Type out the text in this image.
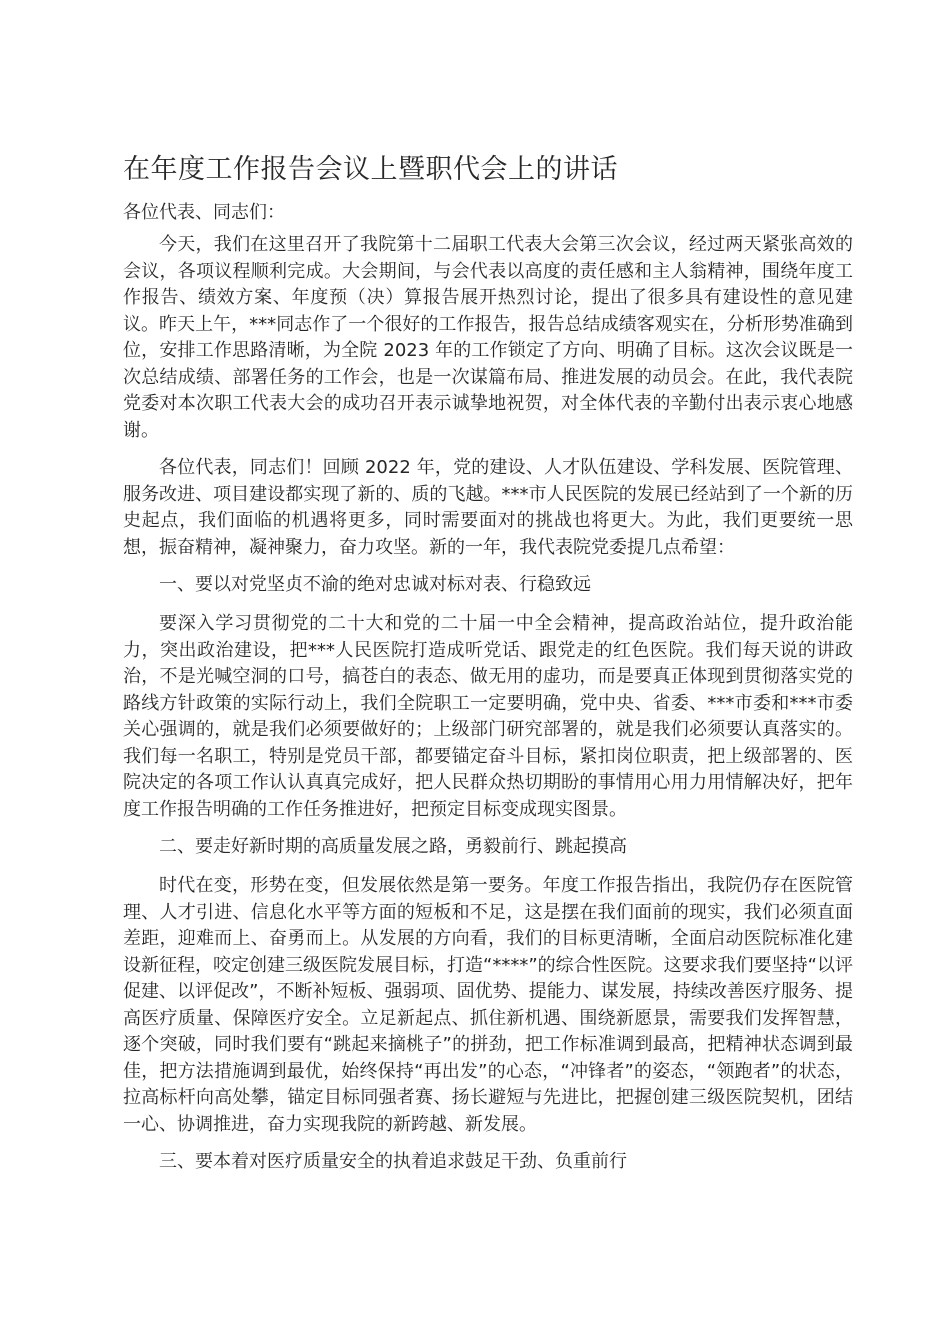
在年度工作报告会议上暨职代会上的讲话

各位代表、同志们：

今天，我们在这里召开了我院第十二届职工代表大会第三次会议，经过两天紧张高效的会议，各项议程顺利完成。大会期间，与会代表以高度的责任感和主人翁精神，围绕年度工作报告、绩效方案、年度预（决）算报告展开热烈讨论，提出了很多具有建设性的意见建议。昨天上午，***同志作了一个很好的工作报告，报告总结成绩客观实在，分析形势准确到位，安排工作思路清晰，为全院 2023 年的工作锁定了方向、明确了目标。这次会议既是一次总结成绩、部署任务的工作会，也是一次谋篇布局、推进发展的动员会。在此，我代表院党委对本次职工代表大会的成功召开表示诚挚地祝贺，对全体代表的辛勤付出表示衷心地感谢。

各位代表，同志们！回顾 2022 年，党的建设、人才队伍建设、学科发展、医院管理、服务改进、项目建设都实现了新的、质的飞越。***市人民医院的发展已经站到了一个新的历史起点，我们面临的机遇将更多，同时需要面对的挑战也将更大。为此，我们更要统一思想，振奋精神，凝神聚力，奋力攻坚。新的一年，我代表院党委提几点希望：

一、要以对党坚贞不渝的绝对忠诚对标对表、行稳致远

要深入学习贯彻党的二十大和党的二十届一中全会精神，提高政治站位，提升政治能力，突出政治建设，把***人民医院打造成听党话、跟党走的红色医院。我们每天说的讲政治，不是光喊空洞的口号，搞苍白的表态、做无用的虚功，而是要真正体现到贯彻落实党的路线方针政策的实际行动上，我们全院职工一定要明确，党中央、省委、***市委和***市委关心强调的，就是我们必须要做好的；上级部门研究部署的，就是我们必须要认真落实的。我们每一名职工，特别是党员干部，都要锚定奋斗目标，紧扣岗位职责，把上级部署的、医院决定的各项工作认认真真完成好，把人民群众热切期盼的事情用心用力用情解决好，把年度工作报告明确的工作任务推进好，把预定目标变成现实图景。

二、要走好新时期的高质量发展之路，勇毅前行、跳起摸高

时代在变，形势在变，但发展依然是第一要务。年度工作报告指出，我院仍存在医院管理、人才引进、信息化水平等方面的短板和不足，这是摆在我们面前的现实，我们必须直面差距，迎难而上、奋勇而上。从发展的方向看，我们的目标更清晰，全面启动医院标准化建设新征程，咬定创建三级医院发展目标，打造“****”的综合性医院。这要求我们要坚持“以评促建、以评促改”，不断补短板、强弱项、固优势、提能力、谋发展，持续改善医疗服务、提高医疗质量、保障医疗安全。立足新起点、抓住新机遇、围绕新愿景，需要我们发挥智慧，逐个突破，同时我们要有“跳起来摘桃子”的拼劲，把工作标准调到最高，把精神状态调到最佳，把方法措施调到最优，始终保持“再出发”的心态，“冲锋者”的姿态，“领跑者”的状态，拉高标杆向高处攀，锚定目标同强者赛、扬长避短与先进比，把握创建三级医院契机，团结一心、协调推进，奋力实现我院的新跨越、新发展。

三、要本着对医疗质量安全的执着追求鼓足干劲、负重前行
